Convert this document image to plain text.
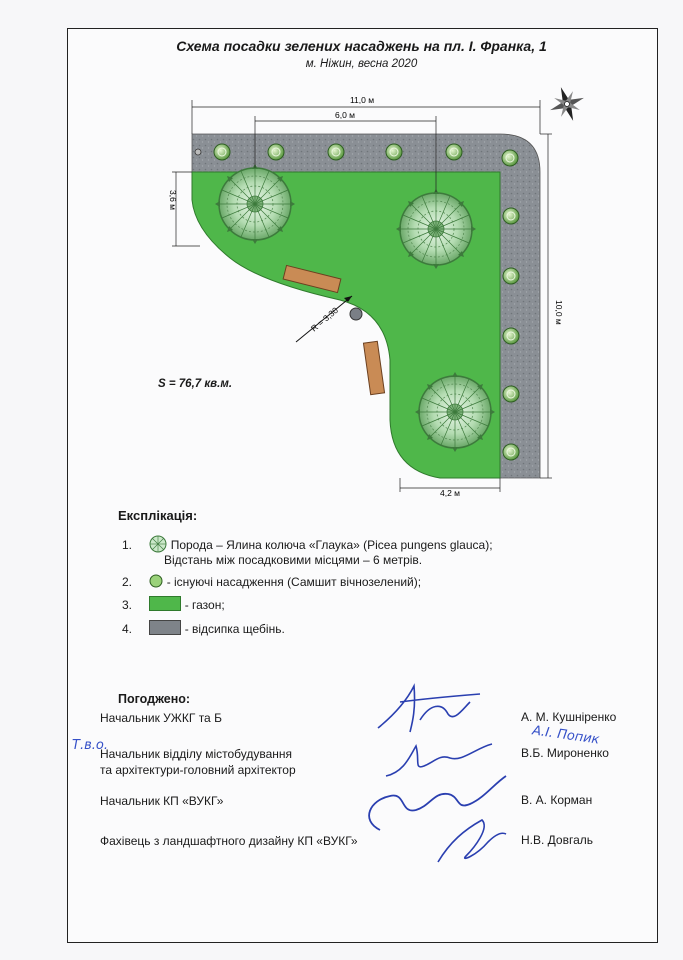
Схема посадки зелених насаджень на пл. І. Франка, 1
м. Ніжин, весна 2020
R = 3,30
11,0 м
6,0 м
3,6 м
10,0 м
4,2 м
S = 76,7 кв.м.
Експлікація:
1.	Порода – Ялина колюча «Глаука» (Picea pungens glauca);
Відстань між посадковими місцями – 6 метрів.
2.	- існуючі насадження (Самшит вічнозелений);
3.	- газон;
4.	- відсипка щебінь.
Погоджено:
Начальник УЖКГ та Б	А. М. Кушніренко
Начальник відділу містобудування
та архітектури-головний архітектор
В.Б. Мироненко
Начальник КП «ВУКГ»	В. А. Корман
Фахівець з ландшафтного дизайну КП «ВУКГ»	Н.В. Довгаль
Т.в.о.	А.І. Попик
